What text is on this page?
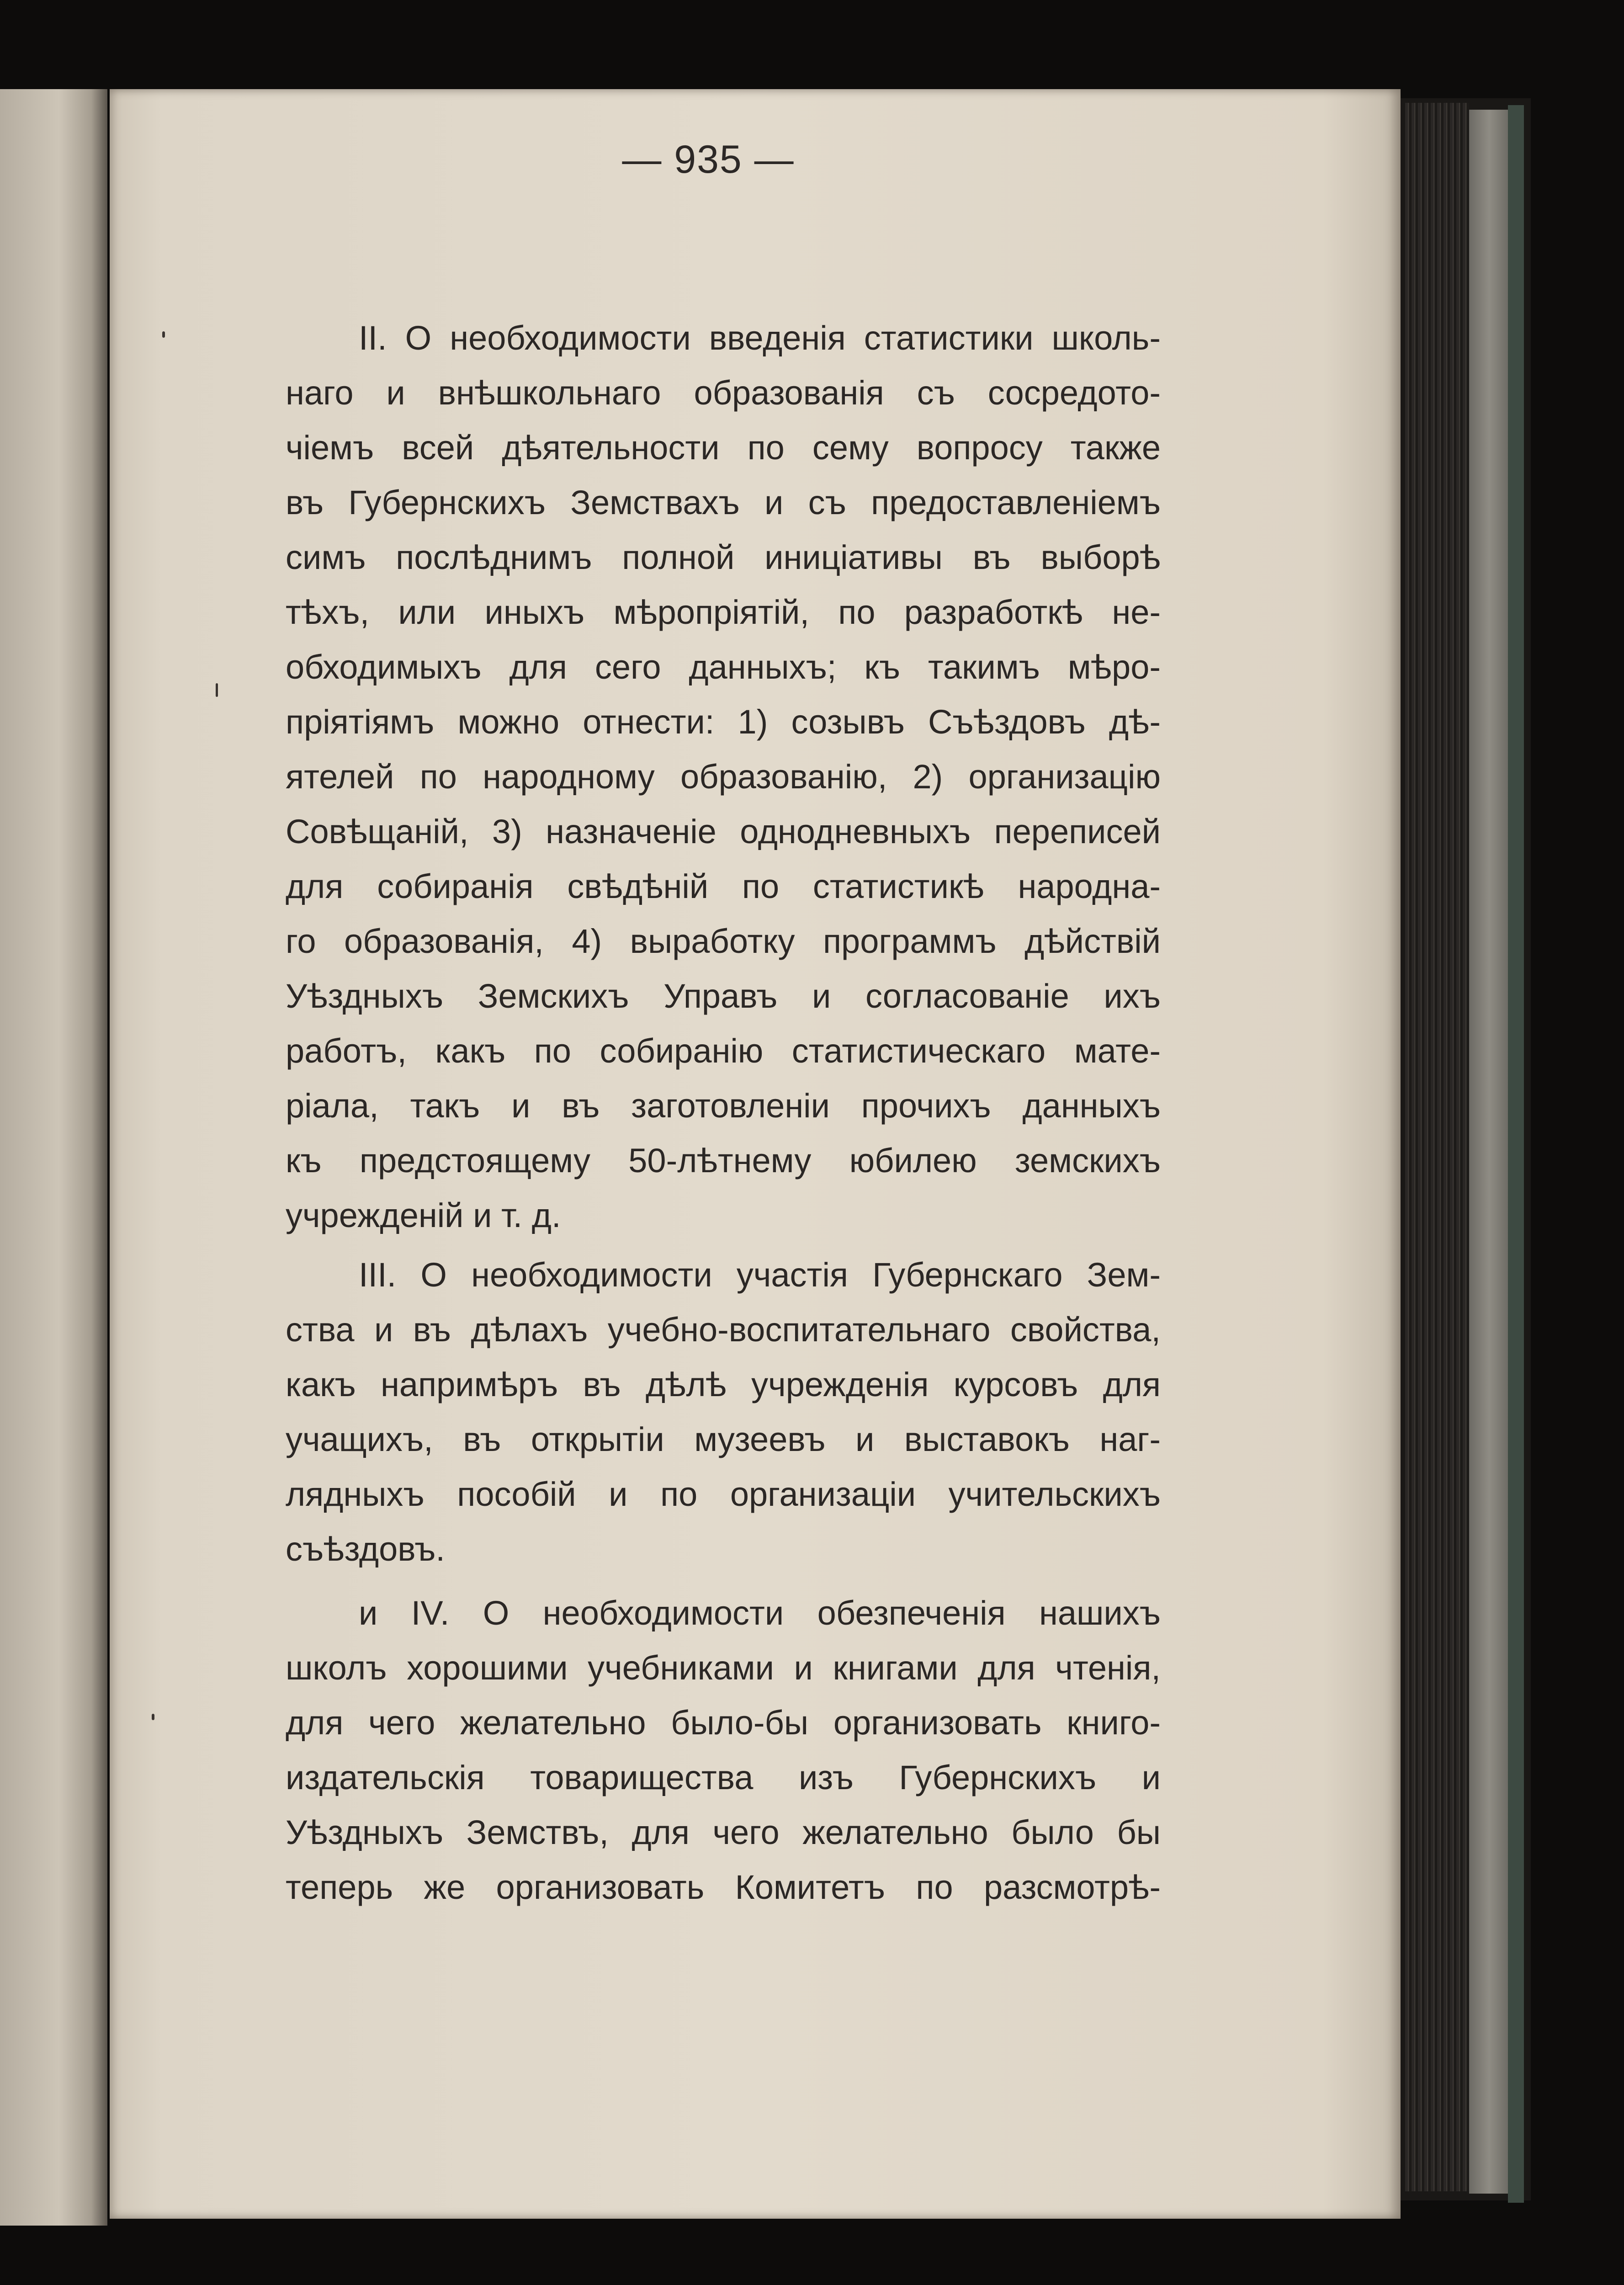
— 935 —
II. О необходимости введенія статистики школь-
наго и внѣшкольнаго образованія съ сосредото-
чіемъ всей дѣятельности по сему вопросу также
въ Губернскихъ Земствахъ и съ предоставленіемъ
симъ послѣднимъ полной иниціативы въ выборѣ
тѣхъ, или иныхъ мѣропріятій, по разработкѣ не-
обходимыхъ для сего данныхъ; къ такимъ мѣро-
пріятіямъ можно отнести: 1) созывъ Съѣздовъ дѣ-
ятелей по народному образованію, 2) организацію
Совѣщаній, 3) назначеніе однодневныхъ переписей
для собиранія свѣдѣній по статистикѣ народна-
го образованія, 4) выработку программъ дѣйствій
Уѣздныхъ Земскихъ Управъ и согласованіе ихъ
работъ, какъ по собиранію статистическаго мате-
ріала, такъ и въ заготовленіи прочихъ данныхъ
къ предстоящему 50-лѣтнему юбилею земскихъ
учрежденій и т. д.
III. О необходимости участія Губернскаго Зем-
ства и въ дѣлахъ учебно-воспитательнаго свойства,
какъ напримѣръ въ дѣлѣ учрежденія курсовъ для
учащихъ, въ открытіи музеевъ и выставокъ наг-
лядныхъ пособій и по организаціи учительскихъ
съѣздовъ.
и IV. О необходимости обезпеченія нашихъ
школъ хорошими учебниками и книгами для чтенія,
для чего желательно было-бы организовать книго-
издательскія товарищества изъ Губернскихъ и
Уѣздныхъ Земствъ, для чего желательно было бы
теперь же организовать Комитетъ по разсмотрѣ-
